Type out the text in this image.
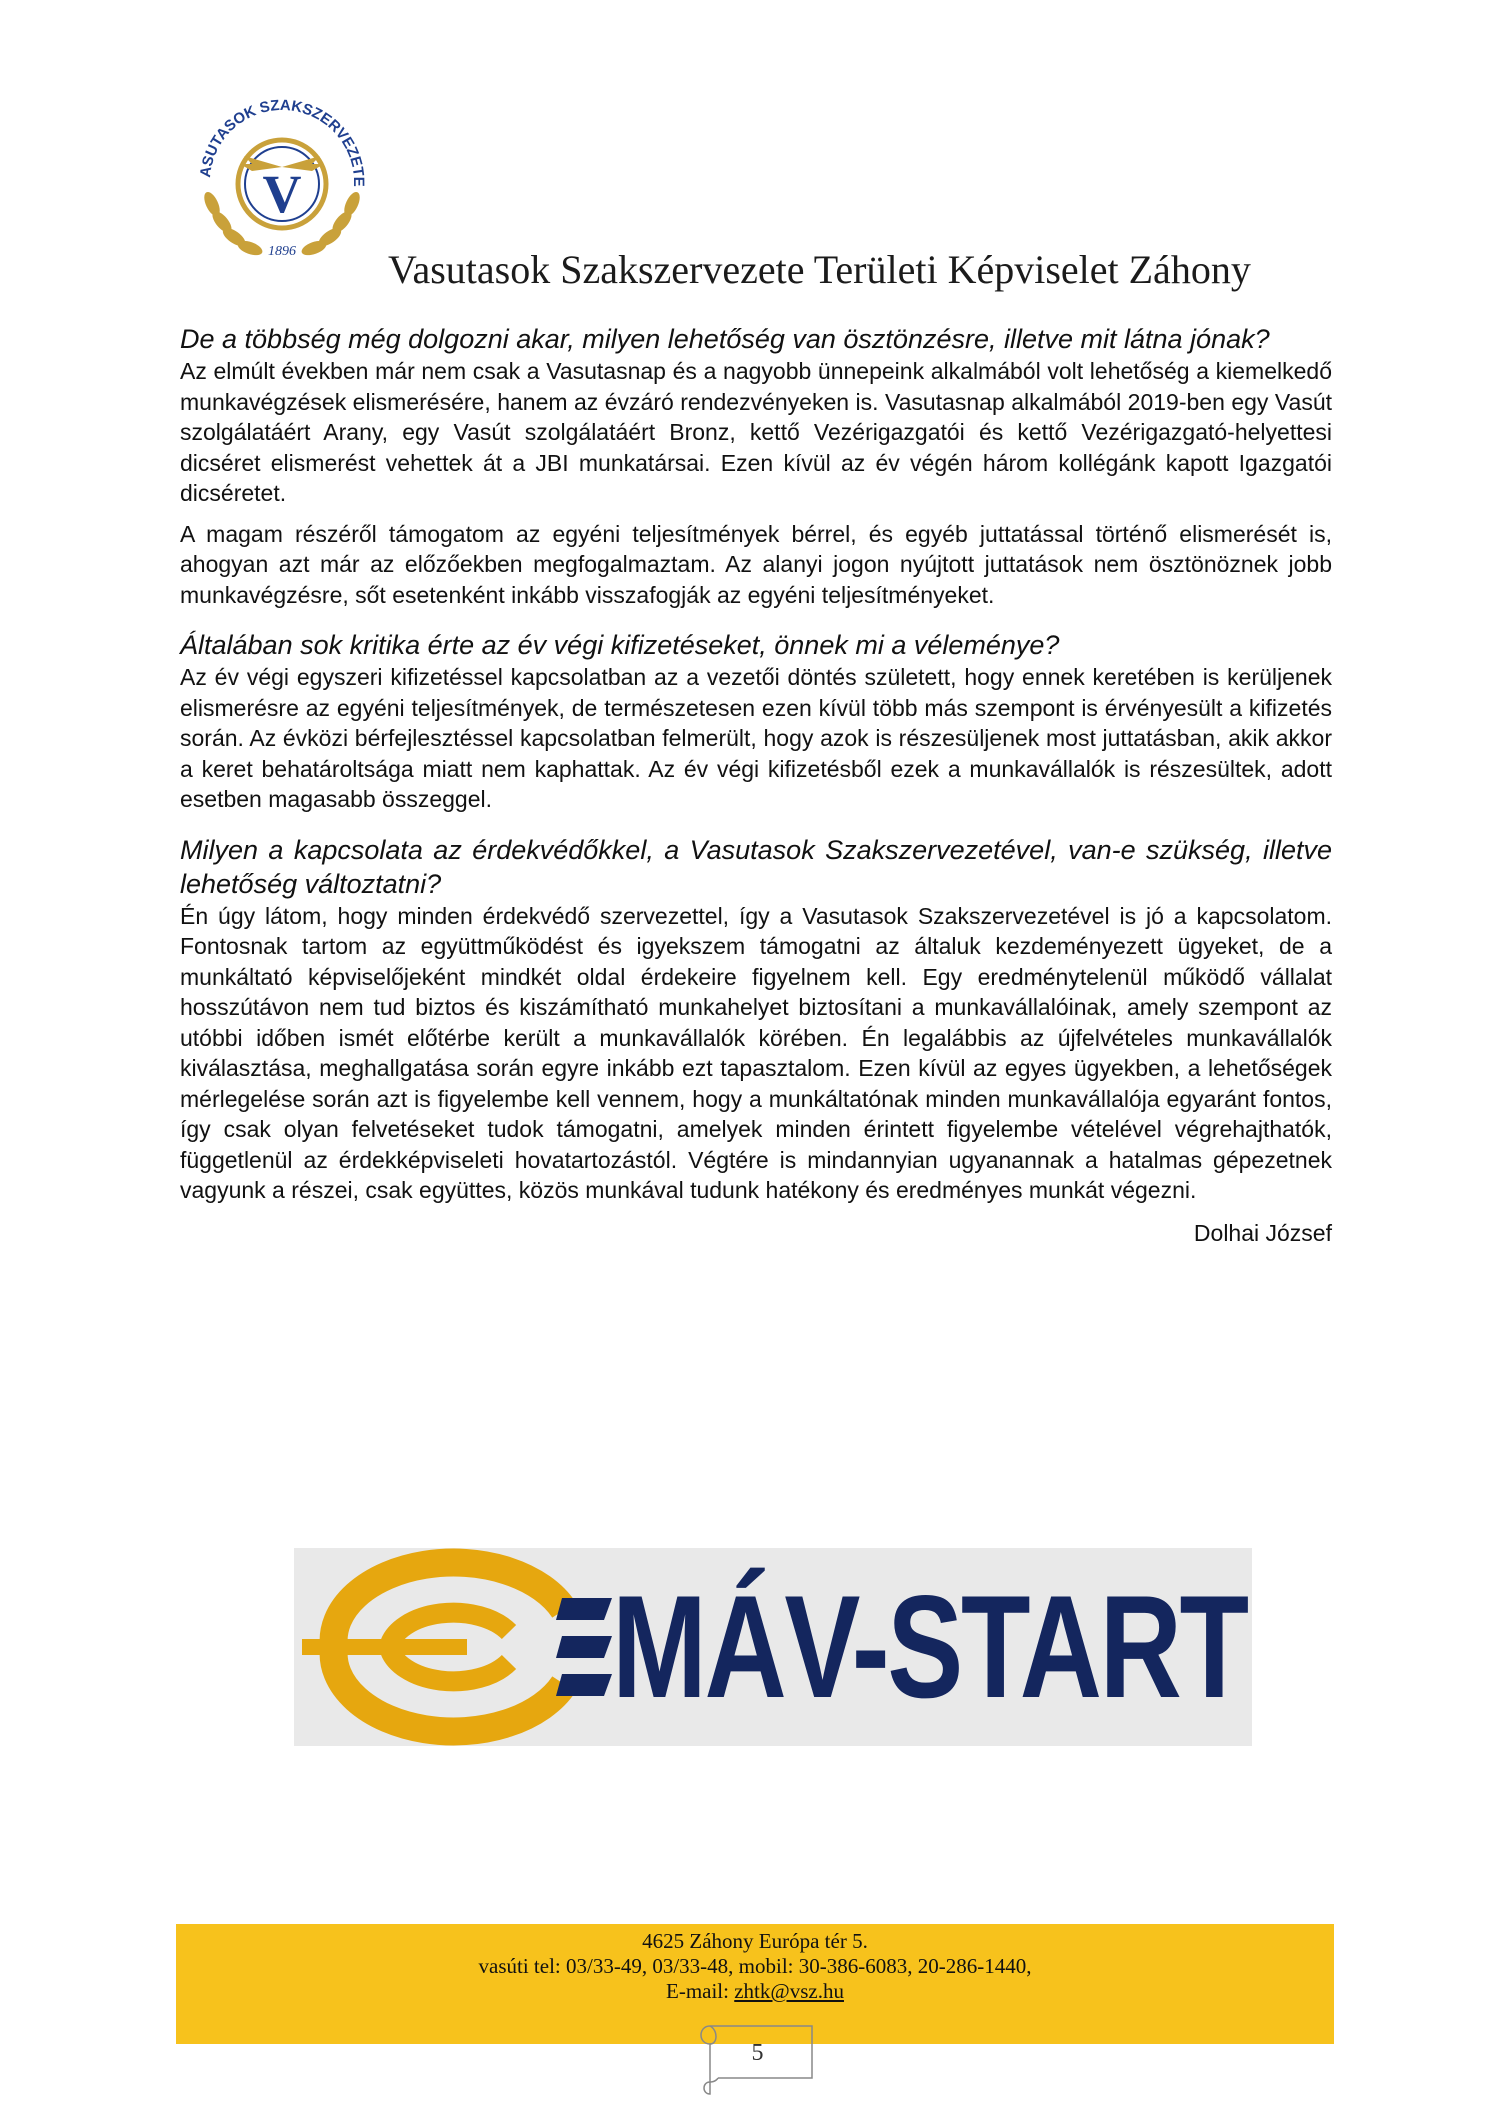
ASUTASOK SZAKSZERVEZETE
V
1896 Vasutasok Szakszervezete Területi Képviselet Záhony

De a többség még dolgozni akar, milyen lehetőség van ösztönzésre, illetve mit látna jónak?

Az elmúlt években már nem csak a Vasutasnap és a nagyobb ünnepeink alkalmából volt lehetőség a kiemelkedő munkavégzések elismerésére, hanem az évzáró rendezvényeken is. Vasutasnap alkalmából 2019-ben egy Vasút szolgálatáért Arany, egy Vasút szolgálatáért Bronz, kettő Vezérigazgatói és kettő Vezérigazgató-helyettesi dicséret elismerést vehettek át a JBI munkatársai. Ezen kívül az év végén három kollégánk kapott Igazgatói dicséretet.

A magam részéről támogatom az egyéni teljesítmények bérrel, és egyéb juttatással történő elismerését is, ahogyan azt már az előzőekben megfogalmaztam. Az alanyi jogon nyújtott juttatások nem ösztönöznek jobb munkavégzésre, sőt esetenként inkább visszafogják az egyéni teljesítményeket.

Általában sok kritika érte az év végi kifizetéseket, önnek mi a véleménye?

Az év végi egyszeri kifizetéssel kapcsolatban az a vezetői döntés született, hogy ennek keretében is kerüljenek elismerésre az egyéni teljesítmények, de természetesen ezen kívül több más szempont is érvényesült a kifizetés során. Az évközi bérfejlesztéssel kapcsolatban felmerült, hogy azok is részesüljenek most juttatásban, akik akkor a keret behatároltsága miatt nem kaphattak. Az év végi kifizetésből ezek a munkavállalók is részesültek, adott esetben magasabb összeggel.

Milyen a kapcsolata az érdekvédőkkel, a Vasutasok Szakszervezetével, van-e szükség, illetve lehetőség változtatni?

Én úgy látom, hogy minden érdekvédő szervezettel, így a Vasutasok Szakszervezetével is jó a kapcsolatom. Fontosnak tartom az együttműködést és igyekszem támogatni az általuk kezdeményezett ügyeket, de a munkáltató képviselőjeként mindkét oldal érdekeire figyelnem kell. Egy eredménytelenül működő vállalat hosszútávon nem tud biztos és kiszámítható munkahelyet biztosítani a munkavállalóinak, amely szempont az utóbbi időben ismét előtérbe került a munkavállalók körében. Én legalábbis az újfelvételes munkavállalók kiválasztása, meghallgatása során egyre inkább ezt tapasztalom. Ezen kívül az egyes ügyekben, a lehetőségek mérlegelése során azt is figyelembe kell vennem, hogy a munkáltatónak minden munkavállalója egyaránt fontos, így csak olyan felvetéseket tudok támogatni, amelyek minden érintett figyelembe vételével végrehajthatók, függetlenül az érdekképviseleti hovatartozástól. Végtére is mindannyian ugyanannak a hatalmas gépezetnek vagyunk a részei, csak együttes, közös munkával tudunk hatékony és eredményes munkát végezni.

Dolhai József

MÁV-START
4625 Záhony Európa tér 5.
vasúti tel: 03/33-49, 03/33-48, mobil: 30-386-6083, 20-286-1440,
E-mail: zhtk@vsz.hu
5
